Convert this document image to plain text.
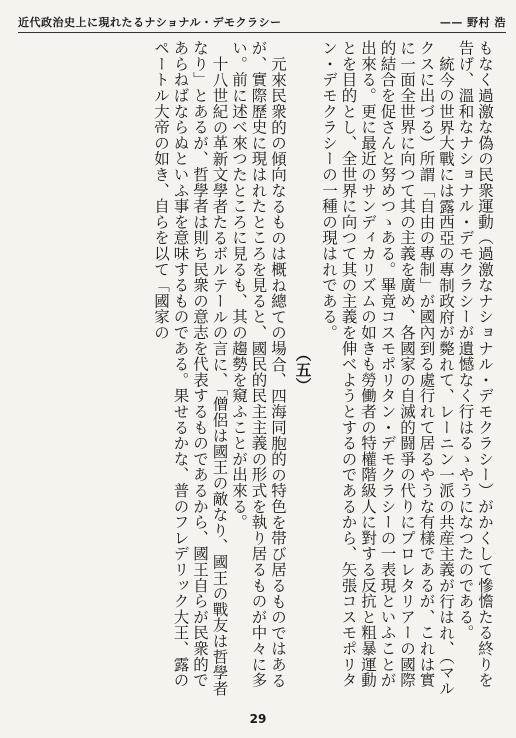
近代政治史上に現れたるナショナル・デモクラシー	—— 野村 浩

もなく過激な偽の民衆運動（過激なナショナル・デモクラシー）がかくして慘憺たる終りを告げ、溫和なナショナル・デモクラシーが遺憾なく行はるゝやうになつたのである。

統今の世界大戰には露西亞の專制政府が斃れて、レーニン一派の共産主義が行はれ、（マルクスに出づる）所謂「自由の專制」が國內到る處行れて居るやうな有樣であるが、これは實に一面全世界に向つて其の主義を廣め、各國家の自滅的闘爭の代りにプロレタリアーの國際的結合を促さんと努めつゝある。畢竟コスモポリタン・デモクラシーの一表現といふことが出來る。更に最近のサンディカリズムの如きも勞働者の特權階級人に對する反抗と粗暴運動とを目的とし、全世界に向つて其の主義を伸べようとするのであるから、矢張コスモポリタン・デモクラシーの一種の現はれである。

（五）

元來民衆的の傾向なるものは概ね總ての場合、四海同胞的の特色を帯び居るものではあるが、實際歷史に現はれたところを見ると、國民的民主主義の形式を執り居るものが中々に多い。前に述べ來つたところに見るも、其の趨勢を窺ふことが出來る。

十八世紀の革新文學者たるボルテールの言に、「僧侶は國王の敵なり、國王の戰友は哲學者なり」とあるが、哲學者は則ち民衆の意志を代表するものであるから、國王自らが民衆的であらねばならぬといふ事を意味するものである。果せるかな、普のフレデリック大王、露のペートル大帝の如き、自らを以て「國家の

29
